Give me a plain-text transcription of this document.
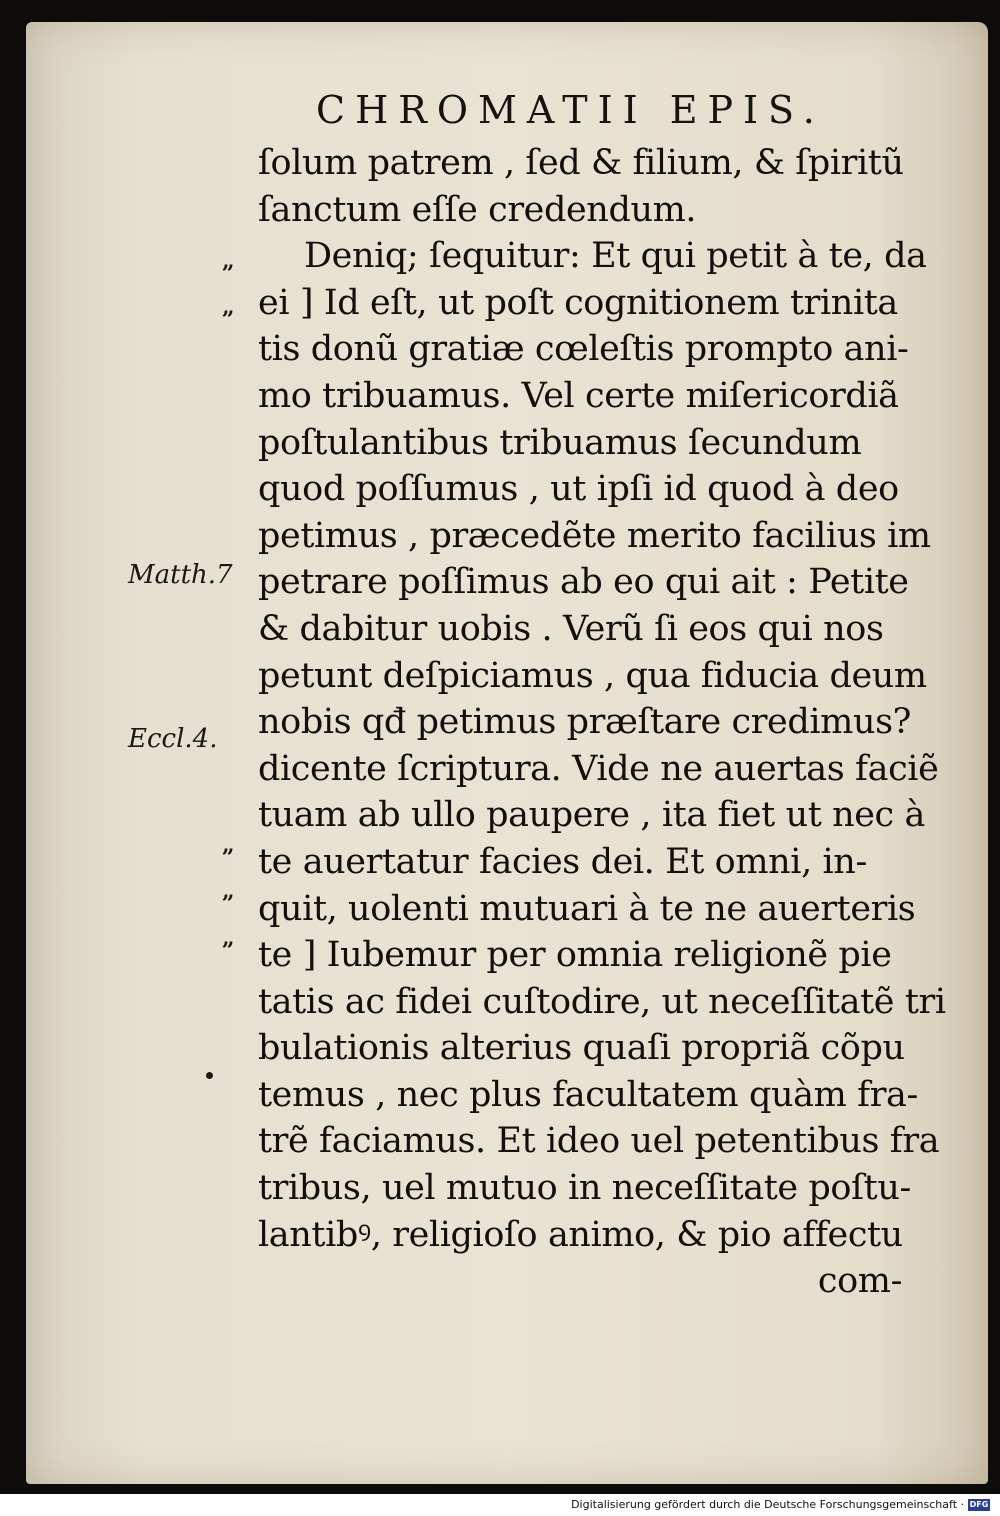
CHROMATII EPIS.
ſolum patrem , ſed & filium, & ſpiritũ
ſanctum eſſe credendum.
Deniq; ſequitur: Et qui petit à te, da
ei ] Id eſt, ut poſt cognitionem trinita
tis donũ gratiæ cœleſtis prompto ani-
mo tribuamus. Vel certe miſericordiã
poſtulantibus tribuamus ſecundum
quod poſſumus , ut ipſi id quod à deo
petimus , præcedẽte merito facilius im
petrare poſſimus ab eo qui ait : Petite
& dabitur uobis . Verũ ſi eos qui nos
petunt deſpiciamus , qua fiducia deum
nobis qđ petimus præſtare credimus?
dicente ſcriptura. Vide ne auertas faciẽ
tuam ab ullo paupere , ita fiet ut nec à
te auertatur facies dei. Et omni, in-
quit, uolenti mutuari à te ne auerteris
te ] Iubemur per omnia religionẽ pie
tatis ac fidei cuſtodire, ut neceſſitatẽ tri
bulationis alterius quaſi propriã cõpu
temus , nec plus facultatem quàm fra-
trẽ faciamus. Et ideo uel petentibus fra
tribus, uel mutuo in neceſſitate poſtu-
lantibꝰ, religioſo animo, & pio affectu
com-
„
„
„
„
„
Matth.7
Eccl.4.
Digitalisierung gefördert durch die Deutsche Forschungsgemeinschaft · DFG
